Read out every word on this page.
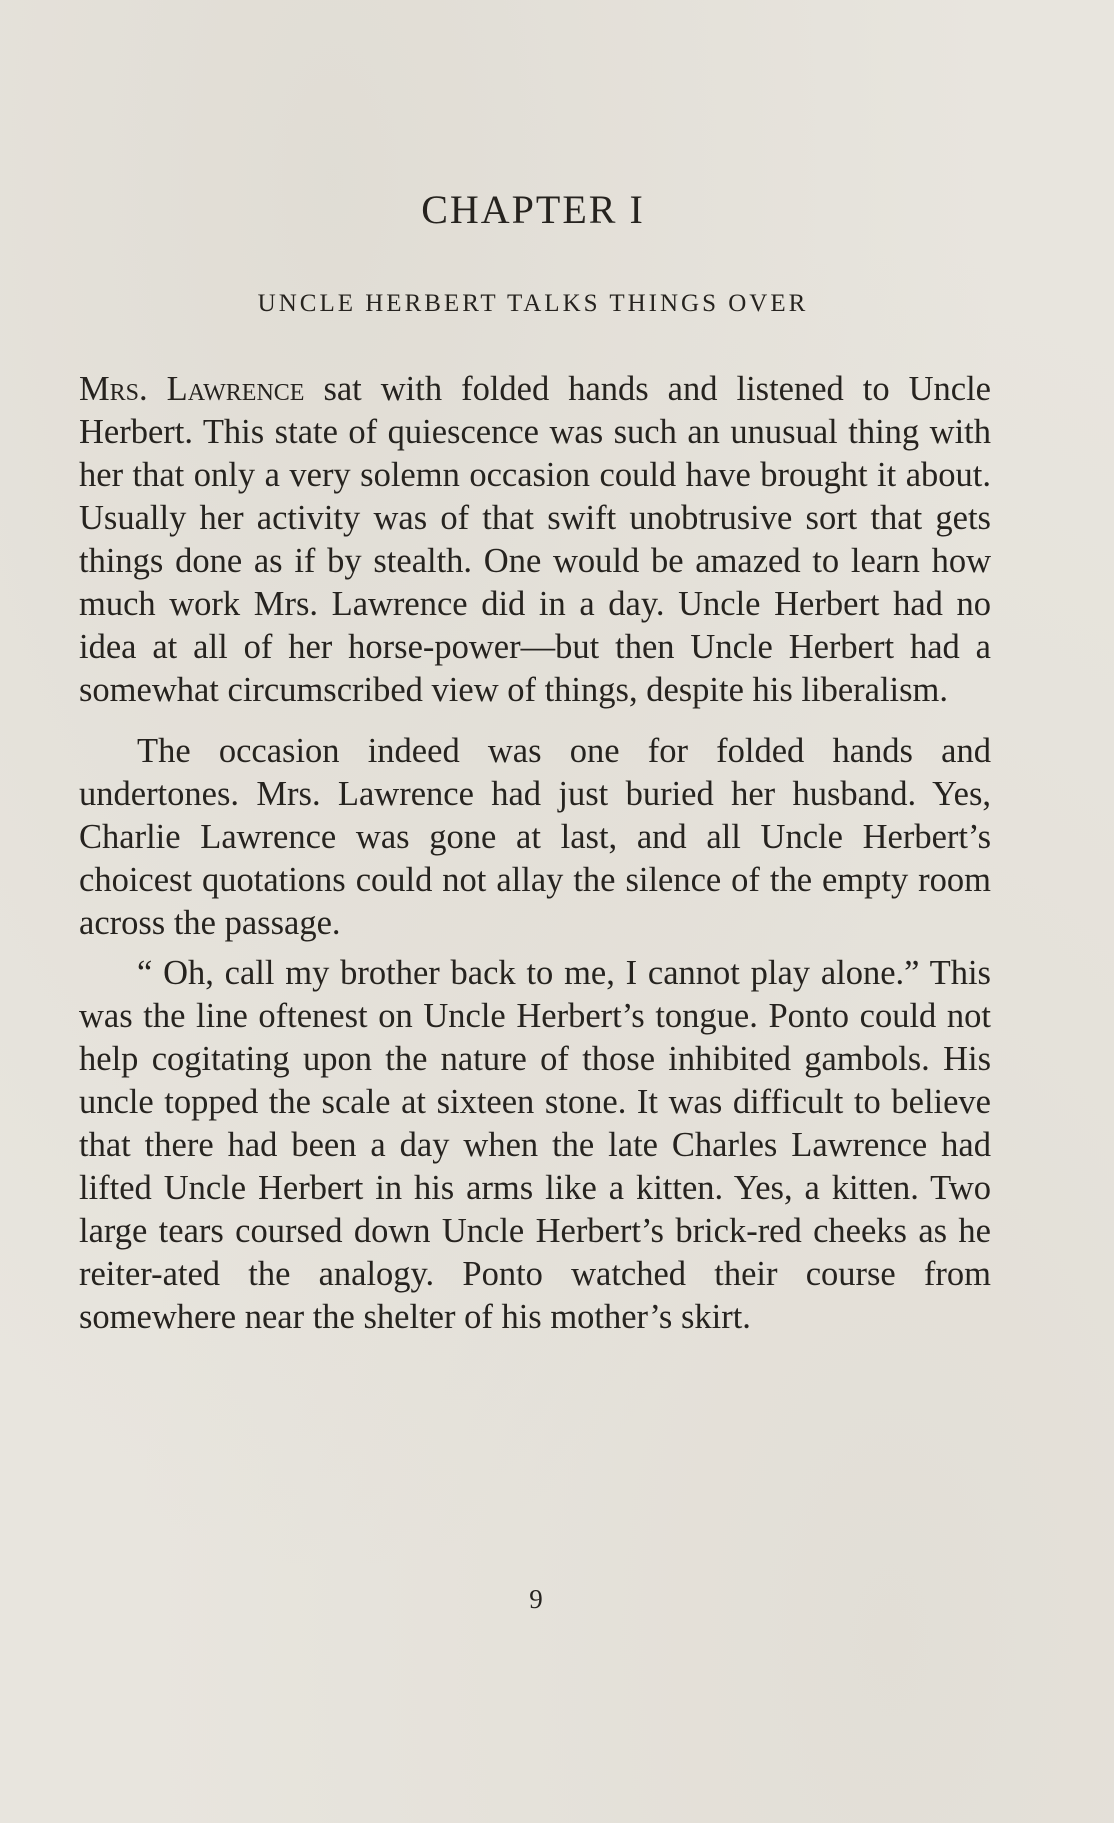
CHAPTER I
UNCLE HERBERT TALKS THINGS OVER

Mrs. Lawrence sat with folded hands and listened to Uncle Herbert. This state of quiescence was such an unusual thing with her that only a very solemn occasion could have brought it about. Usually her activity was of that swift unobtrusive sort that gets things done as if by stealth. One would be amazed to learn how much work Mrs. Lawrence did in a day. Uncle Herbert had no idea at all of her horse-power—but then Uncle Herbert had a somewhat circumscribed view of things, despite his liberalism.

The occasion indeed was one for folded hands and undertones. Mrs. Lawrence had just buried her husband. Yes, Charlie Lawrence was gone at last, and all Uncle Herbert’s choicest quotations could not allay the silence of the empty room across the passage.

“ Oh, call my brother back to me, I cannot play alone.” This was the line oftenest on Uncle Herbert’s tongue. Ponto could not help cogitating upon the nature of those inhibited gambols. His uncle topped the scale at sixteen stone. It was difficult to believe that there had been a day when the late Charles Lawrence had lifted Uncle Herbert in his arms like a kitten. Yes, a kitten. Two large tears coursed down Uncle Herbert’s brick-red cheeks as he reiter-ated the analogy. Ponto watched their course from somewhere near the shelter of his mother’s skirt.

9
